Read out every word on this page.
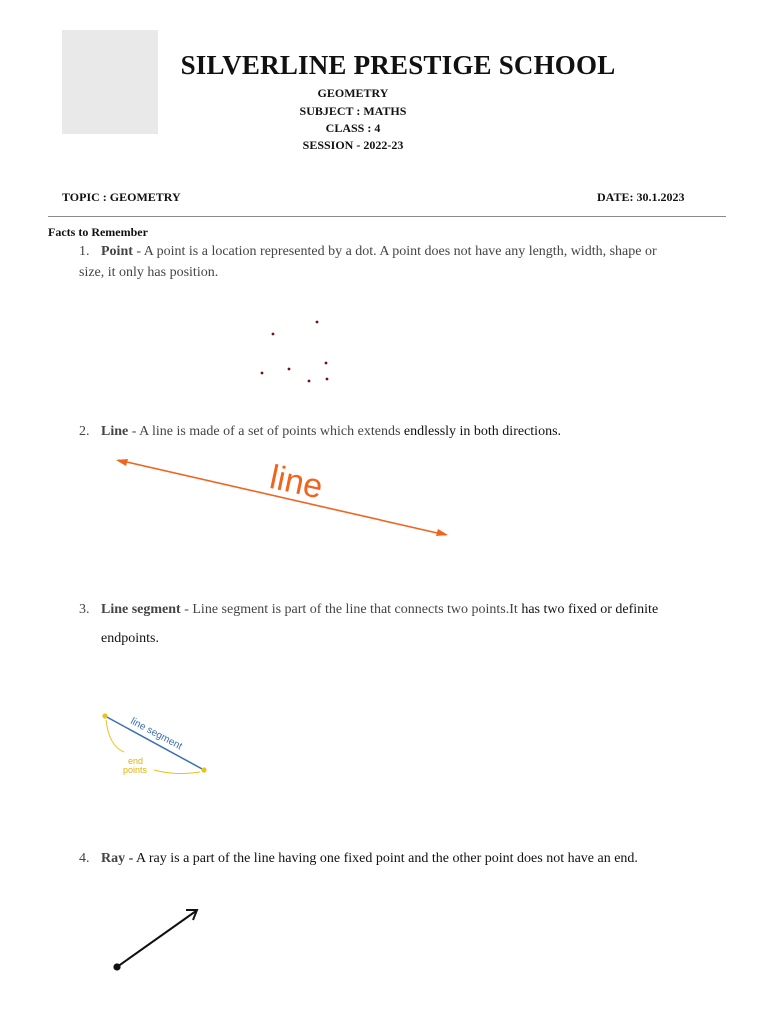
SILVERLINE PRESTIGE SCHOOL
GEOMETRY
SUBJECT : MATHS
CLASS : 4
SESSION - 2022-23
TOPIC : GEOMETRY	DATE: 30.1.2023
Facts to Remember
1. Point - A point is a location represented by a dot. A point does not have any length, width, shape or
size, it only has position.
2. Line - A line is made of a set of points which extends endlessly in both directions.
line
3. Line segment - Line segment is part of the line that connects two points.It has two fixed or definite
endpoints.
line segment
end
points
4. Ray - A ray is a part of the line having one fixed point and the other point does not have an end.
